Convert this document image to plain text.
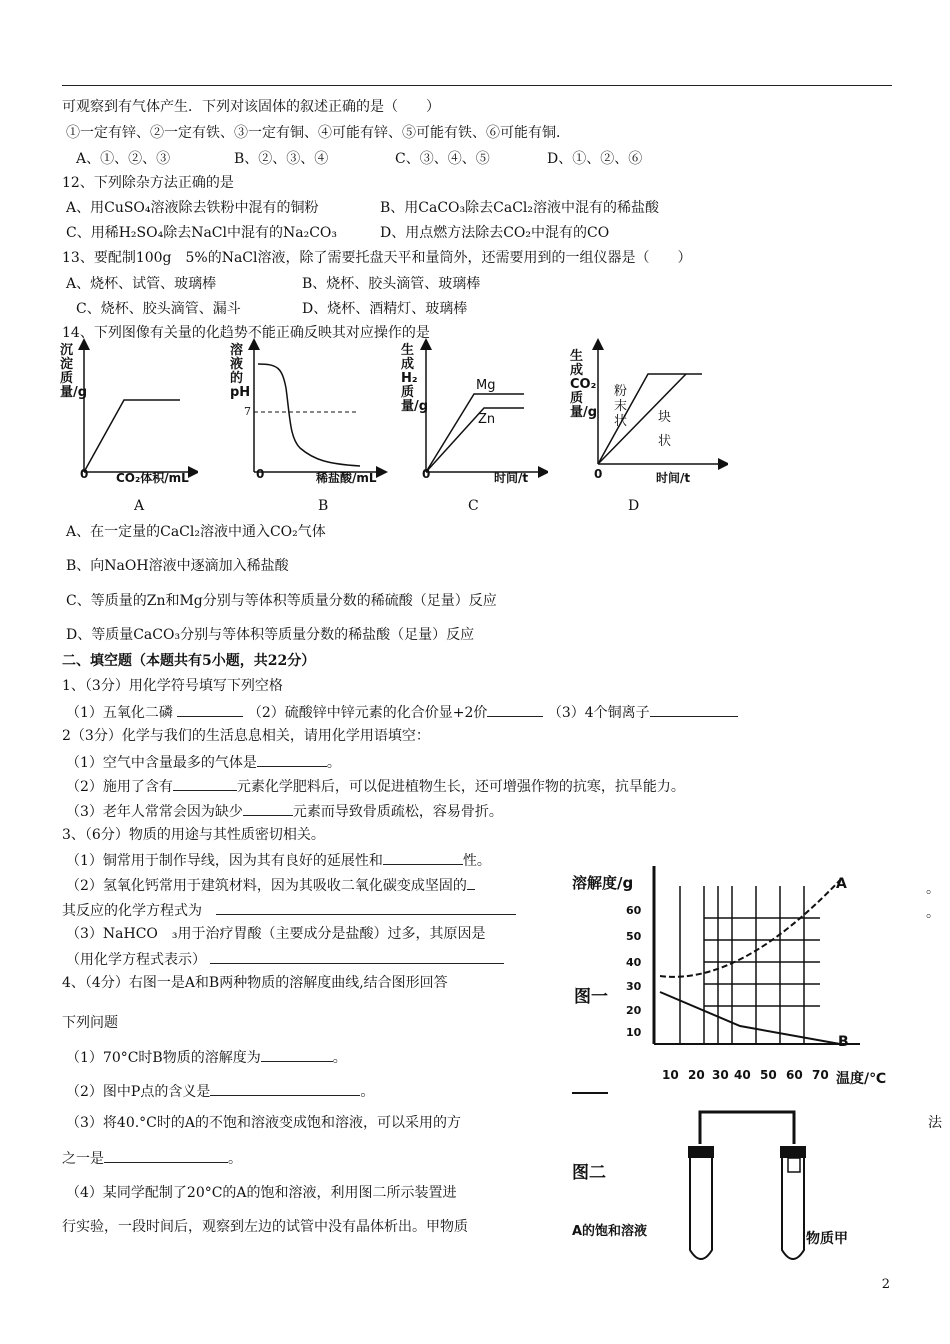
可观察到有气体产生．下列对该固体的叙述正确的是（　　）
①一定有锌、②一定有铁、③一定有铜、④可能有锌、⑤可能有铁、⑥可能有铜．
A、①、②、③	B、②、③、④	C、③、④、⑤	D、①、②、⑥
12、下列除杂方法正确的是
A、用CuSO₄溶液除去铁粉中混有的铜粉	B、用CaCO₃除去CaCl₂溶液中混有的稀盐酸
C、用稀H₂SO₄除去NaCl中混有的Na₂CO₃	D、用点燃方法除去CO₂中混有的CO
13、要配制100g　5%的NaCl溶液，除了需要托盘天平和量筒外，还需要用到的一组仪器是（　　）
A、烧杯、试管、玻璃棒	B、烧杯、胶头滴管、玻璃棒
C、烧杯、胶头滴管、漏斗	D、烧杯、酒精灯、玻璃棒
14、下列图像有关量的化趋势不能正确反映其对应操作的是
沉淀质量/g
0 CO₂体积/mL
溶液的pH
7
0	稀盐酸/mL
生成H₂质量/g
Mg
Zn
0	时间/t
生成CO₂质量/g
粉末状 块状
0	时间/t
A	B	C	D
A、在一定量的CaCl₂溶液中通入CO₂气体
B、向NaOH溶液中逐滴加入稀盐酸
C、等质量的Zn和Mg分别与等体积等质量分数的稀硫酸（足量）反应
D、等质量CaCO₃分别与等体积等质量分数的稀盐酸（足量）反应
二、填空题（本题共有5小题，共22分）
1、（3分）用化学符号填写下列空格
（1）五氧化二磷	（2）硫酸锌中锌元素的化合价显+2价	（3）4个铜离子
2（3分）化学与我们的生活息息相关，请用化学用语填空：
（1）空气中含量最多的气体是	。
（2）施用了含有	元素化学肥料后，可以促进植物生长，还可增强作物的抗寒，抗旱能力。
（3）老年人常常会因为缺少	元素而导致骨质疏松，容易骨折。
3、（6分）物质的用途与其性质密切相关。
（1）铜常用于制作导线，因为其有良好的延展性和	性。
（2）氢氧化钙常用于建筑材料，因为其吸收二氧化碳变成坚固的
其反应的化学方程式为
（3）NaHCO　₃用于治疗胃酸（主要成分是盐酸）过多，其原因是
（用化学方程式表示）
4、（4分）右图一是A和B两种物质的溶解度曲线,结合图形回答
下列问题
（1）70°C时B物质的溶解度为	。
（2）图中P点的含义是	。
（3）将40.°C时的A的不饱和溶液变成饱和溶液，可以采用的方	法
之一是	。
（4）某同学配制了20°C的A的饱和溶液，利用图二所示装置进
行实验，一段时间后，观察到左边的试管中没有晶体析出。甲物质
溶解度/g
图一
60
50
40
30
20
10
A
B
10 20 30 40 50 60 70 温度/℃
。
。
图二
A的饱和溶液	物质甲
2
